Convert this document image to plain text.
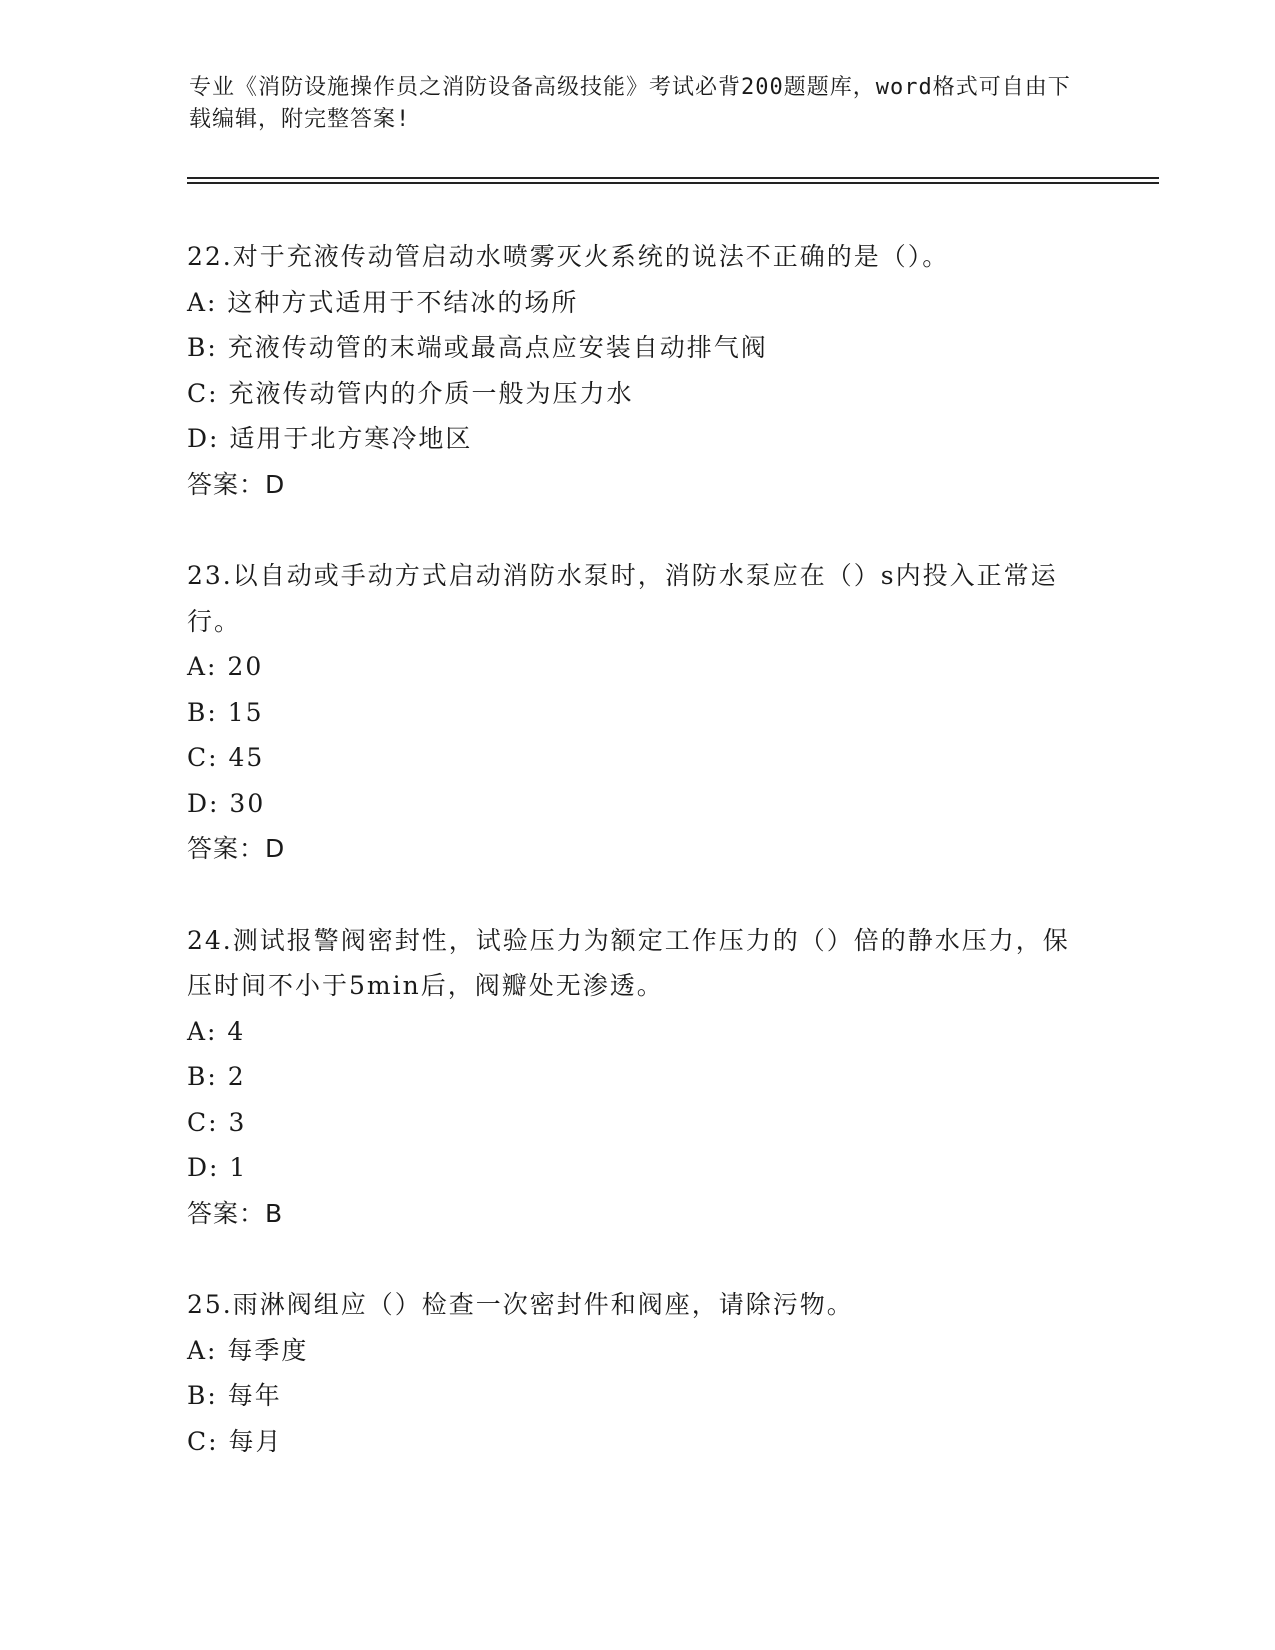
专业《消防设施操作员之消防设备高级技能》考试必背200题题库，word格式可自由下载编辑，附完整答案!
22.对于充液传动管启动水喷雾灭火系统的说法不正确的是（）。
A: 这种方式适用于不结冰的场所
B: 充液传动管的末端或最高点应安装自动排气阀
C: 充液传动管内的介质一般为压力水
D: 适用于北方寒冷地区
答案：D
23.以自动或手动方式启动消防水泵时，消防水泵应在（）s内投入正常运行。
A: 20
B: 15
C: 45
D: 30
答案：D
24.测试报警阀密封性，试验压力为额定工作压力的（）倍的静水压力，保压时间不小于5min后，阀瓣处无渗透。
A: 4
B: 2
C: 3
D: 1
答案：B
25.雨淋阀组应（）检查一次密封件和阀座，请除污物。
A: 每季度
B: 每年
C: 每月
